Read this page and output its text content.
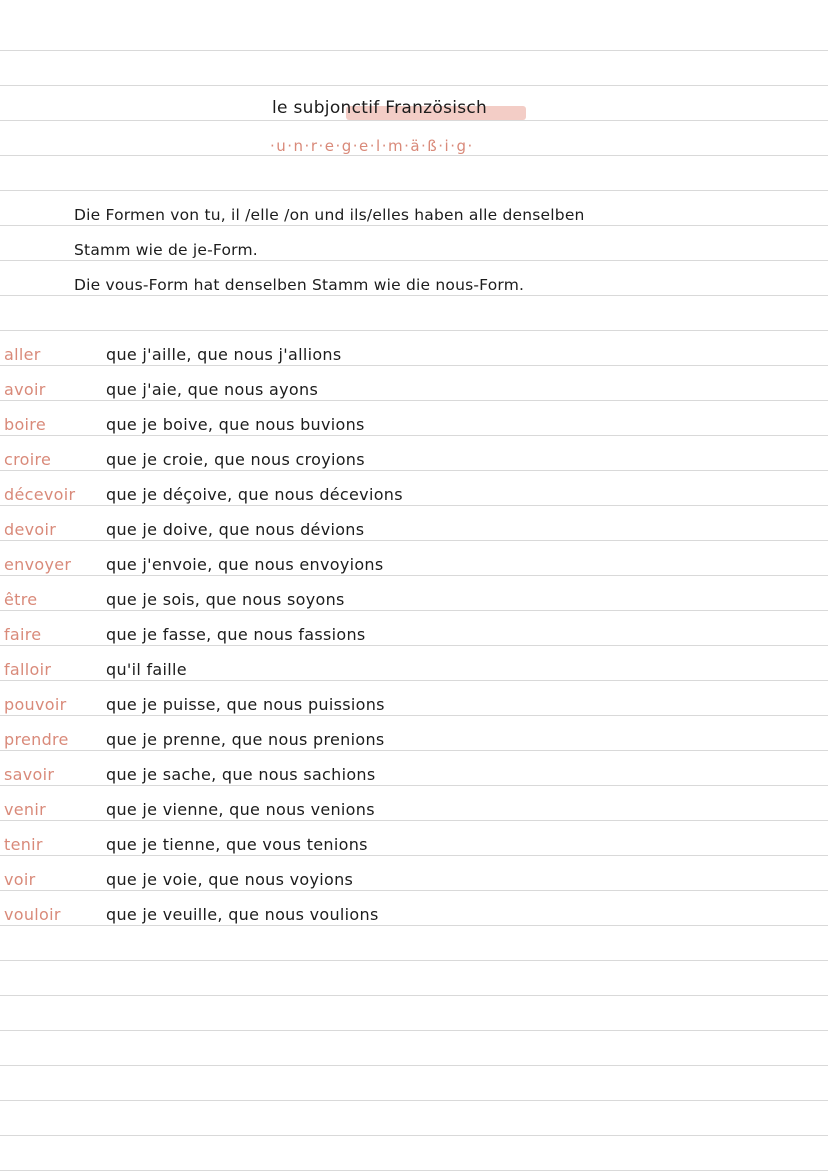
le subjonctif Französisch
·u·n·r·e·g·e·l·m·ä·ß·i·g·
Die Formen von tu, il /elle /on und ils/elles haben alle denselben
Stamm wie de je-Form.
Die vous-Form hat denselben Stamm wie die nous-Form.
aller	que j'aille, que nous j'allions
avoir	que j'aie, que nous ayons
boire	que je boive, que nous buvions
croire	que je croie, que nous croyions
décevoir que je déçoive, que nous décevions
devoir	que je doive, que nous dévions
envoyer que j'envoie, que nous envoyions
être	que je sois, que nous soyons
faire	que je fasse, que nous fassions
falloir	qu'il faille
pouvoir que je puisse, que nous puissions
prendre que je prenne, que nous prenions
savoir	que je sache, que nous sachions
venir	que je vienne, que nous venions
tenir	que je tienne, que vous tenions
voir	que je voie, que nous voyions
vouloir	que je veuille, que nous voulions
